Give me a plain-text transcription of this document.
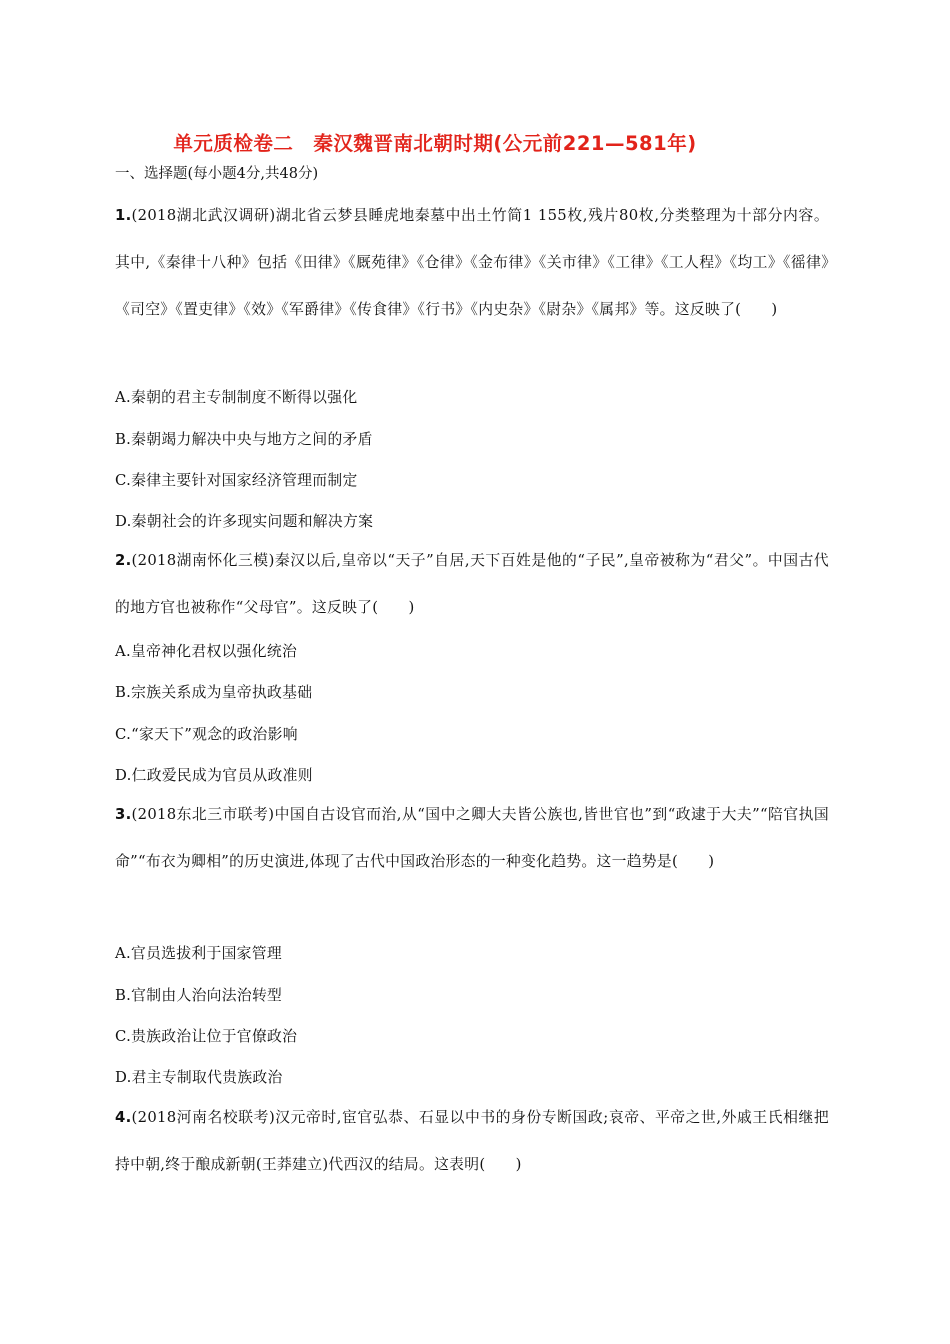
单元质检卷二　秦汉魏晋南北朝时期(公元前221—581年)
一、选择题(每小题4分,共48分)
1.(2018湖北武汉调研)湖北省云梦县睡虎地秦墓中出土竹简1 155枚,残片80枚,分类整理为十部分内容。其中,《秦律十八种》包括《田律》《厩苑律》《仓律》《金布律》《关市律》《工律》《工人程》《均工》《徭律》《司空》《置吏律》《效》《军爵律》《传食律》《行书》《内史杂》《尉杂》《属邦》等。这反映了(　　)
A.秦朝的君主专制制度不断得以强化
B.秦朝竭力解决中央与地方之间的矛盾
C.秦律主要针对国家经济管理而制定
D.秦朝社会的许多现实问题和解决方案
2.(2018湖南怀化三模)秦汉以后,皇帝以“天子”自居,天下百姓是他的“子民”,皇帝被称为“君父”。中国古代的地方官也被称作“父母官”。这反映了(　　)
A.皇帝神化君权以强化统治
B.宗族关系成为皇帝执政基础
C.“家天下”观念的政治影响
D.仁政爱民成为官员从政准则
3.(2018东北三市联考)中国自古设官而治,从“国中之卿大夫皆公族也,皆世官也”到“政逮于大夫”“陪官执国命”“布衣为卿相”的历史演进,体现了古代中国政治形态的一种变化趋势。这一趋势是(　　)
A.官员选拔利于国家管理
B.官制由人治向法治转型
C.贵族政治让位于官僚政治
D.君主专制取代贵族政治
4.(2018河南名校联考)汉元帝时,宦官弘恭、石显以中书的身份专断国政;哀帝、平帝之世,外戚王氏相继把持中朝,终于酿成新朝(王莽建立)代西汉的结局。这表明(　　)
